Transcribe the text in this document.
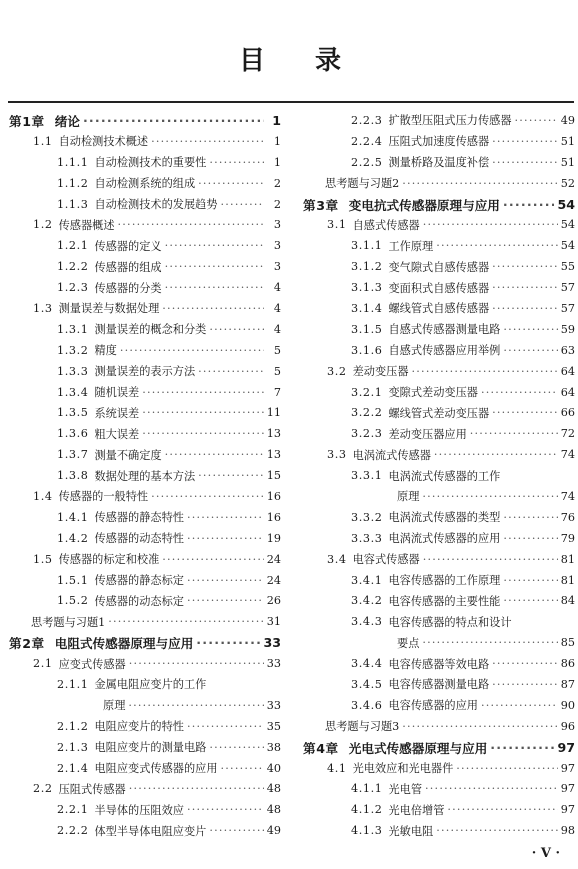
目 录
第1章 绪论 ·····	1
1.1 自动检测技术概述 ·····	1
1.1.1 自动检测技术的重要性 ·····	1
1.1.2 自动检测系统的组成 ·····	2
1.1.3 自动检测技术的发展趋势 ·····	2
1.2 传感器概述 ·····	3
1.2.1 传感器的定义 ·····	3
1.2.2 传感器的组成 ·····	3
1.2.3 传感器的分类 ·····	4
1.3 测量误差与数据处理 ·····	4
1.3.1 测量误差的概念和分类 ·····	4
1.3.2 精度 ·····	5
1.3.3 测量误差的表示方法 ·····	5
1.3.4 随机误差 ·····	7
1.3.5 系统误差 ·····	11
1.3.6 粗大误差 ·····	13
1.3.7 测量不确定度 ·····	13
1.3.8 数据处理的基本方法 ·····	15
1.4 传感器的一般特性 ·····	16
1.4.1 传感器的静态特性 ·····	16
1.4.2 传感器的动态特性 ·····	19
1.5 传感器的标定和校准 ·····	24
1.5.1 传感器的静态标定 ·····	24
1.5.2 传感器的动态标定 ·····	26
思考题与习题1 ·····	31
第2章 电阻式传感器原理与应用 ·····	33
2.1 应变式传感器 ·····	33
2.1.1 金属电阻应变片的工作
原理 ·····	33
2.1.2 电阻应变片的特性 ·····	35
2.1.3 电阻应变片的测量电路 ·····	38
2.1.4 电阻应变式传感器的应用 ·····	40
2.2 压阻式传感器 ·····	48
2.2.1 半导体的压阻效应 ·····	48
2.2.2 体型半导体电阻应变片 ·····	49
2.2.3 扩散型压阻式压力传感器 ·····	49
2.2.4 压阻式加速度传感器 ·····	51
2.2.5 测量桥路及温度补偿 ·····	51
思考题与习题2 ·····	52
第3章 变电抗式传感器原理与应用 ·····	54
3.1 自感式传感器 ·····	54
3.1.1 工作原理 ·····	54
3.1.2 变气隙式自感传感器 ·····	55
3.1.3 变面积式自感传感器 ·····	57
3.1.4 螺线管式自感传感器 ·····	57
3.1.5 自感式传感器测量电路 ·····	59
3.1.6 自感式传感器应用举例 ·····	63
3.2 差动变压器 ·····	64
3.2.1 变隙式差动变压器 ·····	64
3.2.2 螺线管式差动变压器 ·····	66
3.2.3 差动变压器应用 ·····	72
3.3 电涡流式传感器 ·····	74
3.3.1 电涡流式传感器的工作
原理 ·····	74
3.3.2 电涡流式传感器的类型 ·····	76
3.3.3 电涡流式传感器的应用 ·····	79
3.4 电容式传感器 ·····	81
3.4.1 电容传感器的工作原理 ·····	81
3.4.2 电容传感器的主要性能 ·····	84
3.4.3 电容传感器的特点和设计
要点 ·····	85
3.4.4 电容传感器等效电路 ·····	86
3.4.5 电容传感器测量电路 ·····	87
3.4.6 电容传感器的应用 ·····	90
思考题与习题3 ·····	96
第4章 光电式传感器原理与应用 ·····	97
4.1 光电效应和光电器件 ·····	97
4.1.1 光电管 ·····	97
4.1.2 光电倍增管 ·····	97
4.1.3 光敏电阻 ·····	98
· V ·
